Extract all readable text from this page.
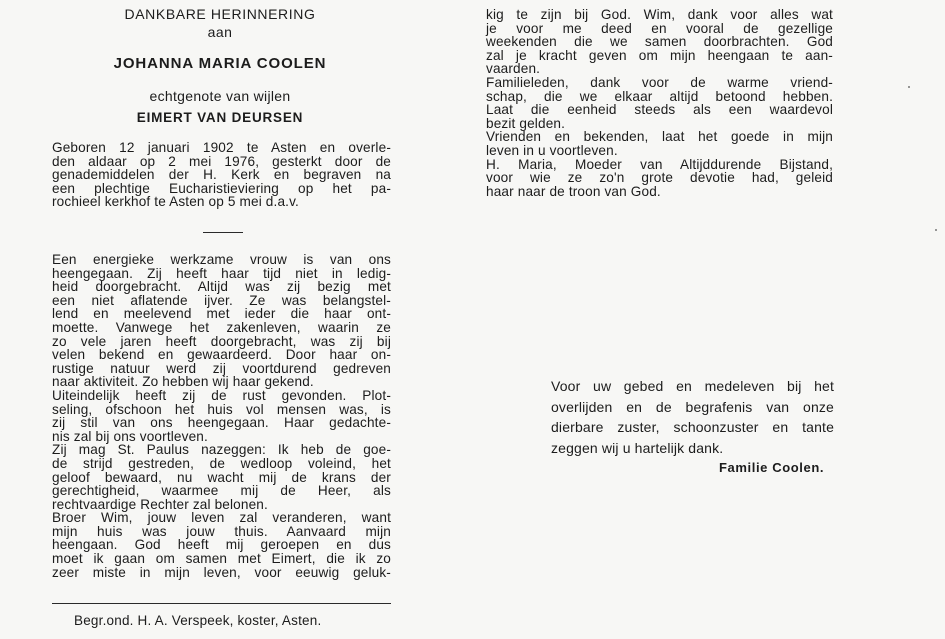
DANKBARE HERINNERING
aan
JOHANNA MARIA COOLEN
echtgenote van wijlen
EIMERT VAN DEURSEN
Geboren 12 januari 1902 te Asten en overle-
den aldaar op 2 mei 1976, gesterkt door de
genademiddelen der H. Kerk en begraven na
een plechtige Eucharistieviering op het pa-
rochieel kerkhof te Asten op 5 mei d.a.v.
Een energieke werkzame vrouw is van ons
heengegaan. Zij heeft haar tijd niet in ledig-
heid doorgebracht. Altijd was zij bezig met
een niet aflatende ijver. Ze was belangstel-
lend en meelevend met ieder die haar ont-
moette. Vanwege het zakenleven, waarin ze
zo vele jaren heeft doorgebracht, was zij bij
velen bekend en gewaardeerd. Door haar on-
rustige natuur werd zij voortdurend gedreven
naar aktiviteit. Zo hebben wij haar gekend.
Uiteindelijk heeft zij de rust gevonden. Plot-
seling, ofschoon het huis vol mensen was, is
zij stil van ons heengegaan. Haar gedachte-
nis zal bij ons voortleven.
Zij mag St. Paulus nazeggen: Ik heb de goe-
de strijd gestreden, de wedloop voleind, het
geloof bewaard, nu wacht mij de krans der
gerechtigheid, waarmee mij de Heer, als
rechtvaardige Rechter zal belonen.
Broer Wim, jouw leven zal veranderen, want
mijn huis was jouw thuis. Aanvaard mijn
heengaan. God heeft mij geroepen en dus
moet ik gaan om samen met Eimert, die ik zo
zeer miste in mijn leven, voor eeuwig geluk-
Begr.ond. H. A. Verspeek, koster, Asten.
kig te zijn bij God. Wim, dank voor alles wat
je voor me deed en vooral de gezellige
weekenden die we samen doorbrachten. God
zal je kracht geven om mijn heengaan te aan-
vaarden.
Familieleden, dank voor de warme vriend-
schap, die we elkaar altijd betoond hebben.
Laat die eenheid steeds als een waardevol
bezit gelden.
Vrienden en bekenden, laat het goede in mijn
leven in u voortleven.
H. Maria, Moeder van Altijddurende Bijstand,
voor wie ze zo'n grote devotie had, geleid
haar naar de troon van God.
Voor uw gebed en medeleven bij het
overlijden en de begrafenis van onze
dierbare zuster, schoonzuster en tante
zeggen wij u hartelijk dank.
Familie Coolen.
